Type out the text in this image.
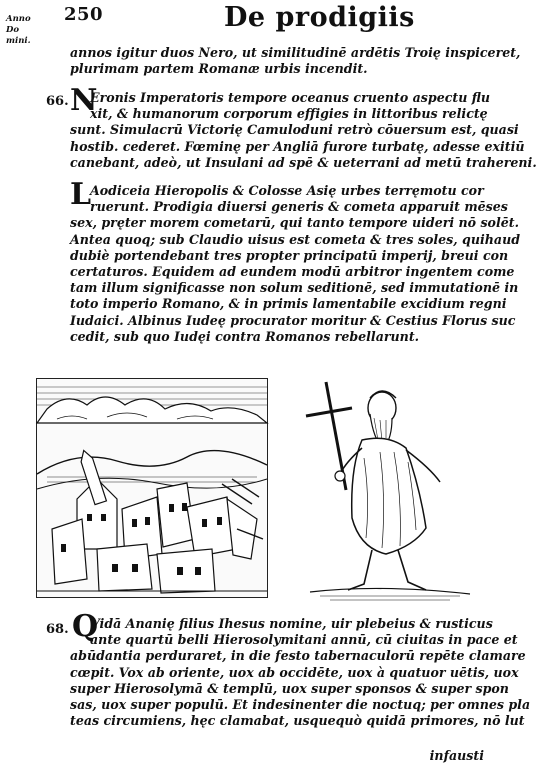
Anno Do
mini.
250	De prodigiis
annos igitur duos Nero, ut similitudinē ardētis Troię inspiceret,
plurimam partem Romanæ urbis incendit.
66. N
Eronis Imperatoris tempore oceanus cruento aspectu flu
xit, & humanorum corporum effigies in littoribus relictę
sunt. Simulacrū Victorię Camuloduni retrò cōuersum est, quasi
hostib. cederet. Fœminę per Angliā furore turbatę, adesse exitiū
canebant, adeò, ut Insulani ad spē & ueterrani ad metū trahereni.
L
Aodiceia Hieropolis & Colosse Asię urbes terręmotu cor
ruerunt. Prodigia diuersi generis & cometa apparuit mēses
sex, pręter morem cometarū, qui tanto tempore uideri nō solēt.
Antea quoq; sub Claudio uisus est cometa & tres soles, quihaud
dubiè portendebant tres propter principatū imperij, breui con
certaturos. Equidem ad eundem modū arbitror ingentem come
tam illum significasse non solum seditionē, sed immutationē in
toto imperio Romano, & in primis lamentabile excidium regni
Iudaici. Albinus Iudeę procurator moritur & Cestius Florus suc
cedit, sub quo Iudęi contra Romanos rebellarunt.
68. Q
Vidā Ananię filius Ihesus nomine, uir plebeius & rusticus
ante quartū belli Hierosolymitani annū, cū ciuitas in pace et
abūdantia perduraret, in die festo tabernaculorū repēte clamare
cœpit. Vox ab oriente, uox ab occidēte, uox à quatuor uētis, uox
super Hierosolymā & templū, uox super sponsos & super spon
sas, uox super populū. Et indesinenter die noctuq; per omnes pla
teas circumiens, hęc clamabat, usquequò quidā primores, nō lut
infausti
